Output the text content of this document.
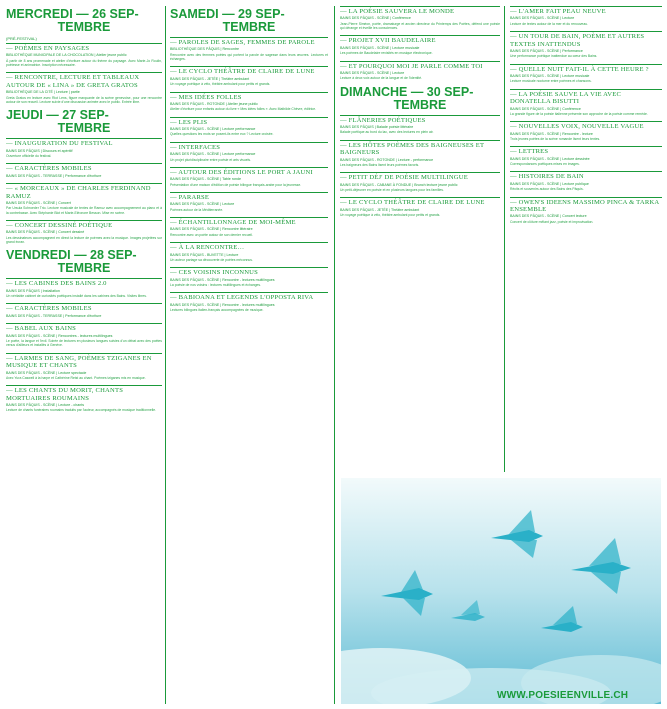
MERCREDI — 26 SEP-
TEMBRE
(PRÉ-FESTIVAL)
— POÈMES EN PAYSAGES
BIBLIOTHÈQUE MUNICIPALE DE LA CHOCOLATION | Atelier jeune public
À partir de 8 ans promenade et atelier d'écriture autour du thème du paysage. Avec Marie-Jo Roulin, poétesse et animatrice. Inscription nécessaire.
— RENCONTRE, LECTURE ET TABLEAUX AUTOUR DE « LINA » DE GRETA GRATOS
BIBLIOTHÈQUE DE LA CITÉ | Lecture | partie
Greta Gratos en lecture avec Riot Lens, figure marquante de la scène genevoise, pour une rencontre autour de son recueil. Lecture suivie d'une discussion animée avec le public. Entrée libre.
JEUDI — 27 SEP-
TEMBRE
— INAUGURATION DU FESTIVAL
BAINS DES PÂQUIS | Discours et apéritif
Ouverture officielle du festival.
— CARACTÈRES MOBILES
BAINS DES PÂQUIS - TERRASSE | Performance d'écriture
— « MORCEAUX » DE CHARLES FERDINAND RAMUZ
BAINS DES PÂQUIS - SCÈNE | Concert
Par Ursula Schroeder Trio. Lecture musicale de textes de Ramuz avec accompagnement au piano et à la contrebasse. Avec Stéphanie Blot et Marie-Eléonore Besson. Mise en scène.
— CONCERT DESSINÉ POÉTIQUE
BAINS DES PÂQUIS - SCÈNE | Concert dessiné
Les dessinateurs accompagnent en direct la lecture de poèmes avec la musique. Images projetées sur grand écran.
VENDREDI — 28 SEP-
TEMBRE
— LES CABINES DES BAINS 2.0
BAINS DES PÂQUIS | Installation
Un véritable cabinet de curiosités poétiques installé dans les cabines des Bains. Visites libres.
— CARACTÈRES MOBILES
BAINS DES PÂQUIS - TERRASSE | Performance d'écriture
— BABEL AUX BAINS
BAINS DES PÂQUIS - SCÈNE | Rencontres - lectures multilingues
Le poète, la langue et l'exil. Soirée de lectures en plusieurs langues suivies d'un débat avec des poètes venus d'ailleurs et installés à Genève.
— LARMES DE SANG, POÈMES TZIGANES EN MUSIQUE ET CHANTS
BAINS DES PÂQUIS - SCÈNE | Lecture spectacle
Avec Yura Caswell à la harpe et Cathérine Reist au chant. Poèmes tziganes mis en musique.
— LES CHANTS DU MORIT, CHANTS MORTUAIRES ROUMAINS
BAINS DES PÂQUIS - SCÈNE | Lecture - chants
Lecture de chants funéraires roumains traduits par l'auteur, accompagnés de musique traditionnelle.
SAMEDI — 29 SEP-
TEMBRE
— PAROLES DE SAGES, FEMMES DE PAROLE
BIBLIOTHÈQUE DES PÂQUIS | Rencontre
Rencontre avec des femmes poètes qui portent la parole de sagesse dans leurs œuvres. Lectures et échanges.
— LE CYCLO THÉÂTRE DE CLAIRE DE LUNE
BAINS DES PÂQUIS - JETÉE | Théâtre ambulant
Un voyage poétique à vélo, théâtre ambulant pour petits et grands.
— MES IDÉES FOLLES
BAINS DES PÂQUIS - ROTONDE | Atelier jeune public
Atelier d'écriture pour enfants autour du livre « Mes idées folles ». Avec Mathilde Chèvre, éditrice.
— LES PLIS
BAINS DES PÂQUIS - SCÈNE | Lecture performance
Quelles questions les mots se posent-ils entre eux ? Lecture croisée.
— INTERFACES
BAINS DES PÂQUIS - SCÈNE | Lecture performance
Un projet pluridisciplinaire entre poésie et arts visuels.
— AUTOUR DES ÉDITIONS LE PORT A JAUNI
BAINS DES PÂQUIS - SCÈNE | Table ronde
Présentation d'une maison d'édition de poésie bilingue français-arabe pour la jeunesse.
— PARARSE
BAINS DES PÂQUIS - SCÈNE | Lecture
Poèmes autour de la Méditerranée.
— ÉCHANTILLONNAGE DE MOI-MÊME
BAINS DES PÂQUIS - SCÈNE | Rencontre littéraire
Rencontre avec un poète autour de son dernier recueil.
— À LA RENCONTRE…
BAINS DES PÂQUIS - BUVETTE | Lecture
Un auteur partage sa découverte de poètes méconnus.
— CES VOISINS INCONNUS
BAINS DES PÂQUIS - SCÈNE | Rencontre - lectures multilingues
La poésie de nos voisins : lectures multilingues et échanges.
— BABIOANA ET LEGENDS L'OPPOSTA RIVA
BAINS DES PÂQUIS - SCÈNE | Rencontre - lectures multilingues
Lectures bilingues italien-français accompagnées de musique.
— LA POÉSIE SAUVERA LE MONDE
BAINS DES PÂQUIS - SCÈNE | Conférence
Jean-Pierre Siméon, poète, dramaturge et ancien directeur du Printemps des Poètes, défend une poésie qui dérange et éveille les consciences.
— PROJET XVII BAUDELAIRE
BAINS DES PÂQUIS - SCÈNE | Lecture musicale
Les poèmes de Baudelaire revisités en musique électronique.
— ET POURQUOI MOI JE PARLE COMME TOI
BAINS DES PÂQUIS - SCÈNE | Lecture
Lecture à deux voix autour de la langue et de l'identité.
DIMANCHE — 30 SEP-
TEMBRE
— FLÂNERIES POÉTIQUES
BAINS DES PÂQUIS | Balade poésie littéraire
Balade poétique au bord du lac, avec des lectures en plein air.
— LES HÔTES POÈMES DES BAIGNEUSES ET BAIGNEURS
BAINS DES PÂQUIS - ROTONDE | Lecture - performance
Les baigneurs des Bains lisent leurs poèmes favoris.
— PETIT DÉJ' DE POÉSIE MULTILINGUE
BAINS DES PÂQUIS - CABANE À FONDUE | Brunch lecture jeune public
Un petit-déjeuner en poésie et en plusieurs langues pour les familles.
— LE CYCLO THÉÂTRE DE CLAIRE DE LUNE
BAINS DES PÂQUIS - JETÉE | Théâtre ambulant
Un voyage poétique à vélo, théâtre ambulant pour petits et grands.
— L'AMER FAIT PEAU NEUVE
BAINS DES PÂQUIS - SCÈNE | Lecture
Lecture de textes autour de la mer et du renouveau.
— UN TOUR DE BAIN, POÈME ET AUTRES TEXTES INATTENDUS
BAINS DES PÂQUIS - SCÈNE | Performance
Une performance poétique inattendue au cœur des Bains.
— QUELLE NUIT FAIT-IL À CETTE HEURE ?
BAINS DES PÂQUIS - SCÈNE | Lecture musicale
Lecture musicale nocturne entre poèmes et chansons.
— LA POÉSIE SAUVE LA VIE AVEC DONATELLA BISUTTI
BAINS DES PÂQUIS - SCÈNE | Conférence
La grande figure de la poésie italienne présente son approche de la poésie comme remède.
— NOUVELLES VOIX, NOUVELLE VAGUE
BAINS DES PÂQUIS - SCÈNE | Rencontre - lecture
Trois jeunes poètes de la scène romande lisent leurs textes.
— LETTRES
BAINS DES PÂQUIS - SCÈNE | Lecture dessinée
Correspondances poétiques mises en images.
— HISTOIRES DE BAIN
BAINS DES PÂQUIS - SCÈNE | Lecture publique
Récits et souvenirs autour des Bains des Pâquis.
— OWEN'S IDEENS MASSIMO PINCA & TARKA ENSEMBLE
BAINS DES PÂQUIS - SCÈNE | Concert lecture
Concert de clôture mêlant jazz, poésie et improvisation.
WWW.POESIEENVILLE.CH
